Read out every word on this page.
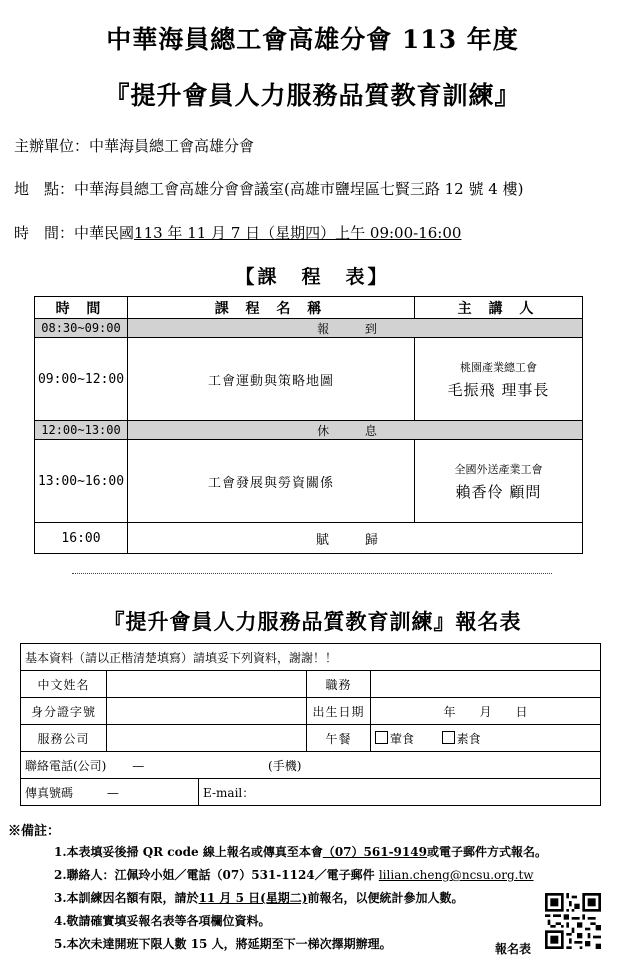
中華海員總工會高雄分會 113 年度
『提升會員人力服務品質教育訓練』
主辦單位：中華海員總工會高雄分會
地　點：中華海員總工會高雄分會會議室(高雄市鹽埕區七賢三路 12 號 4 樓)
時　間：中華民國113 年 11 月 7 日（星期四）上午 09:00-16:00
【課　程　表】
時 間	課 程 名 稱	主 講 人
08:30~09:00	報 到	
09:00~12:00	工會運動與策略地圖	桃園產業總工會
毛振飛 理事長

12:00~13:00	休 息	
13:00~16:00	工會發展與勞資關係	全國外送產業工會
賴香伶 顧問

16:00	賦 歸	
『提升會員人力服務品質教育訓練』報名表
基本資料（請以正楷清楚填寫）請填妥下列資料，謝謝！！				
中文姓名			職務	
身分證字號			出生日期	年　　月　　日
服務公司			午餐	葷食 素食
聯絡電話(公司) — (手機)				
傳真號碼 —		E-mail：		
※備註：
1.本表填妥後掃 QR code 線上報名或傳真至本會（07）561-9149或電子郵件方式報名。
2.聯絡人：江佩玲小姐／電話（07）531-1124／電子郵件 lilian.cheng@ncsu.org.tw
3.本訓練因名額有限，請於11 月 5 日(星期二)前報名，以便統計參加人數。
4.敬請確實填妥報名表等各項欄位資料。
5.本次未達開班下限人數 15 人，將延期至下一梯次擇期辦理。	報名表
